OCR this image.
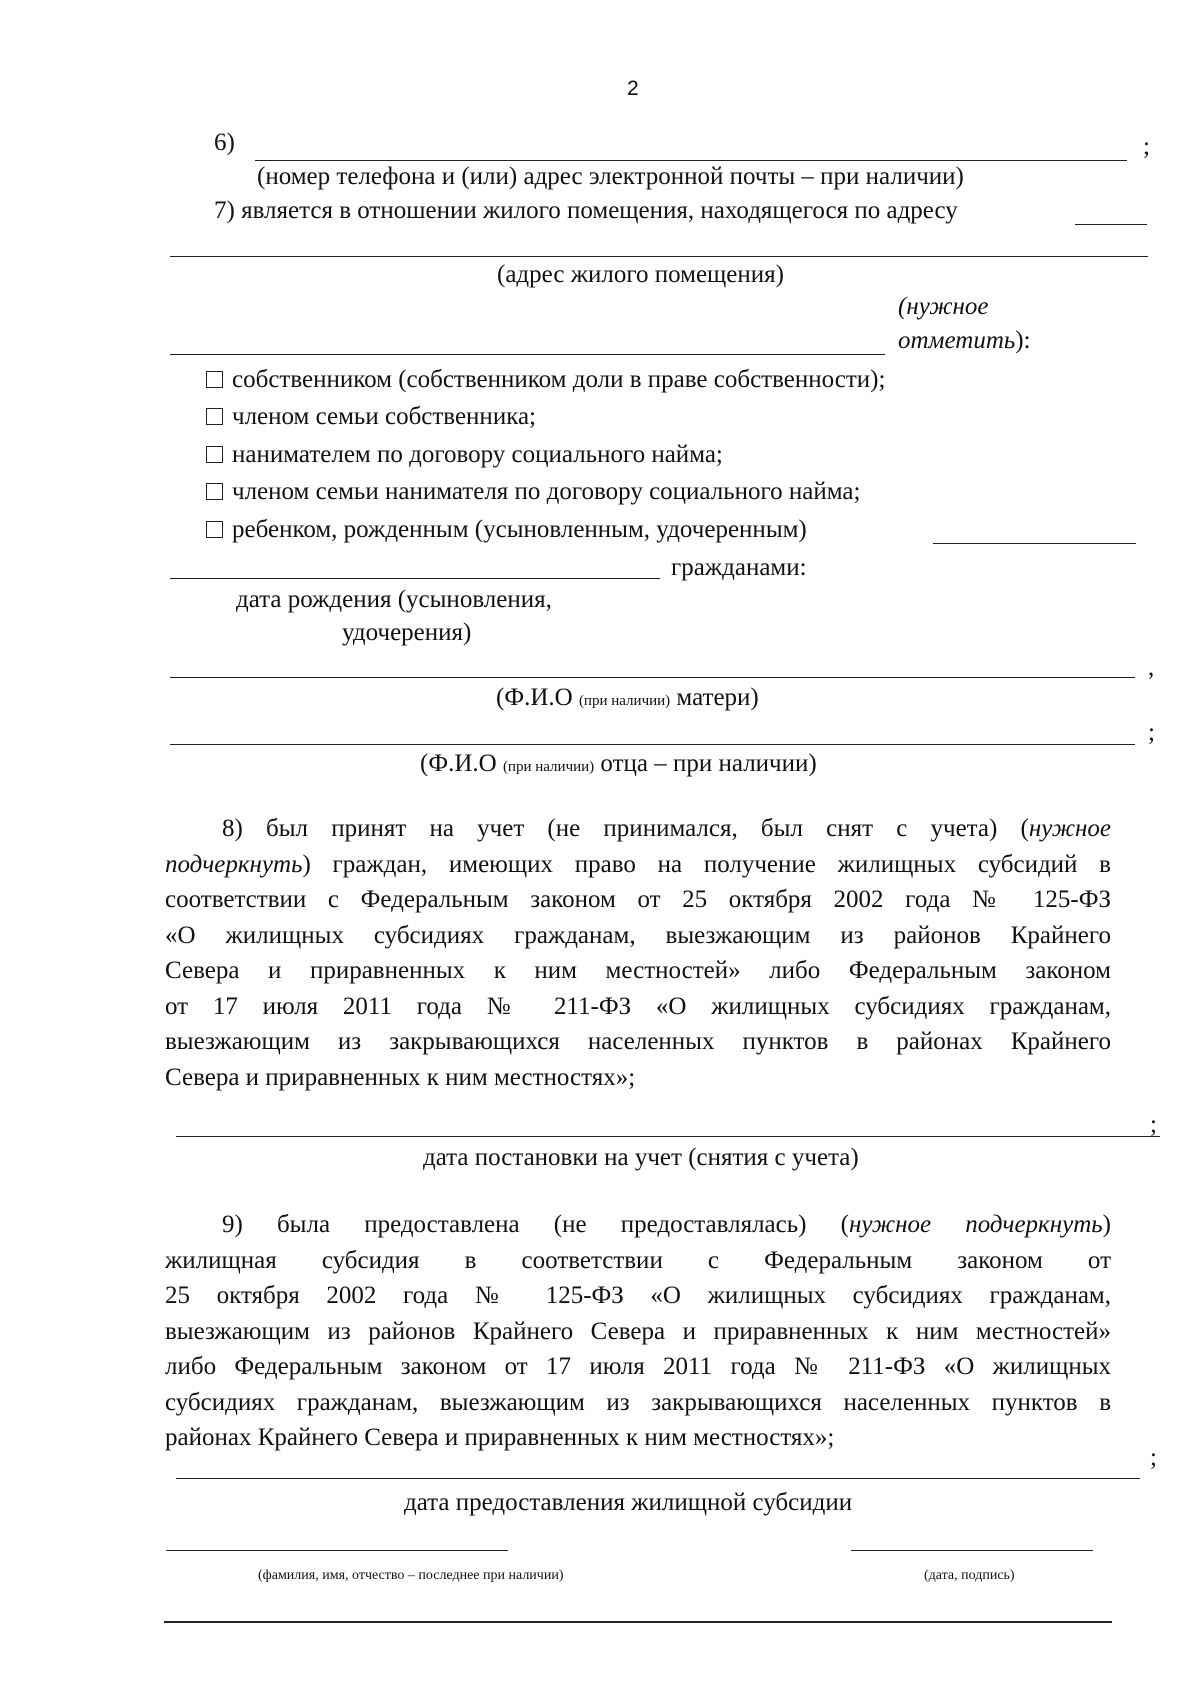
2
6)	;
(номер телефона и (или) адрес электронной почты – при наличии)
7) является в отношении жилого помещения, находящегося по адресу
(адрес жилого помещения)
(нужное
отметить):
собственником (собственником доли в праве собственности);
членом семьи собственника;
нанимателем по договору социального найма;
членом семьи нанимателя по договору социального найма;
ребенком, рожденным (усыновленным, удочеренным)
гражданами:
дата рождения (усыновления,
удочерения)
,
(Ф.И.О (при наличии) матери)
;
(Ф.И.О (при наличии) отца – при наличии)
8) был принят на учет (не принимался, был снят с учета) (нужное
подчеркнуть) граждан, имеющих право на получение жилищных субсидий в
соответствии с Федеральным законом от 25 октября 2002 года № 125-ФЗ
«О жилищных субсидиях гражданам, выезжающим из районов Крайнего
Севера и приравненных к ним местностей» либо Федеральным законом
от 17 июля 2011 года № 211-ФЗ «О жилищных субсидиях гражданам,
выезжающим из закрывающихся населенных пунктов в районах Крайнего
Севера и приравненных к ним местностях»;
;
дата постановки на учет (снятия с учета)
9) была предоставлена (не предоставлялась) (нужное подчеркнуть)
жилищная субсидия в соответствии с Федеральным законом от
25 октября 2002 года № 125-ФЗ «О жилищных субсидиях гражданам,
выезжающим из районов Крайнего Севера и приравненных к ним местностей»
либо Федеральным законом от 17 июля 2011 года № 211-ФЗ «О жилищных
субсидиях гражданам, выезжающим из закрывающихся населенных пунктов в
районах Крайнего Севера и приравненных к ним местностях»;
;
дата предоставления жилищной субсидии
(фамилия, имя, отчество – последнее при наличии)	(дата, подпись)
